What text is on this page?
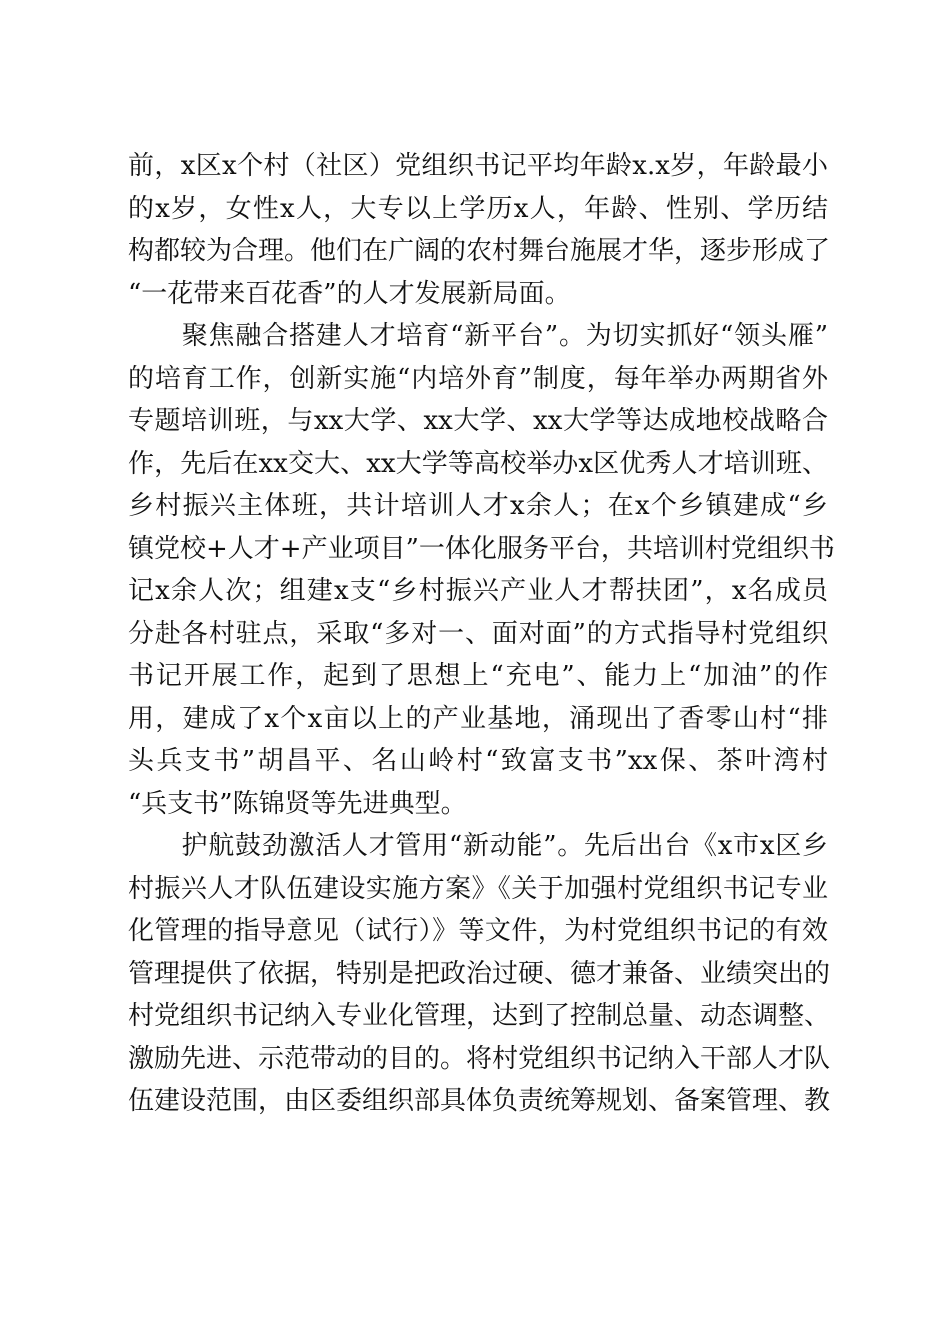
前，x区x个村（社区）党组织书记平均年龄x.x岁，年龄最小
的x岁，女性x人，大专以上学历x人，年龄、性别、学历结
构都较为合理。他们在广阔的农村舞台施展才华，逐步形成了
“一花带来百花香”的人才发展新局面。
　　聚焦融合搭建人才培育“新平台”。为切实抓好“领头雁”
的培育工作，创新实施“内培外育”制度，每年举办两期省外
专题培训班，与xx大学、xx大学、xx大学等达成地校战略合
作，先后在xx交大、xx大学等高校举办x区优秀人才培训班、
乡村振兴主体班，共计培训人才x余人；在x个乡镇建成“乡
镇党校+人才+产业项目”一体化服务平台，共培训村党组织书
记x余人次；组建x支“乡村振兴产业人才帮扶团”，x名成员
分赴各村驻点，采取“多对一、面对面”的方式指导村党组织
书记开展工作，起到了思想上“充电”、能力上“加油”的作
用，建成了x个x亩以上的产业基地，涌现出了香零山村“排
头兵支书”胡昌平、名山岭村“致富支书”xx保、茶叶湾村
“兵支书”陈锦贤等先进典型。
　　护航鼓劲激活人才管用“新动能”。先后出台《x市x区乡
村振兴人才队伍建设实施方案》《关于加强村党组织书记专业
化管理的指导意见（试行）》等文件，为村党组织书记的有效
管理提供了依据，特别是把政治过硬、德才兼备、业绩突出的
村党组织书记纳入专业化管理，达到了控制总量、动态调整、
激励先进、示范带动的目的。将村党组织书记纳入干部人才队
伍建设范围，由区委组织部具体负责统筹规划、备案管理、教
